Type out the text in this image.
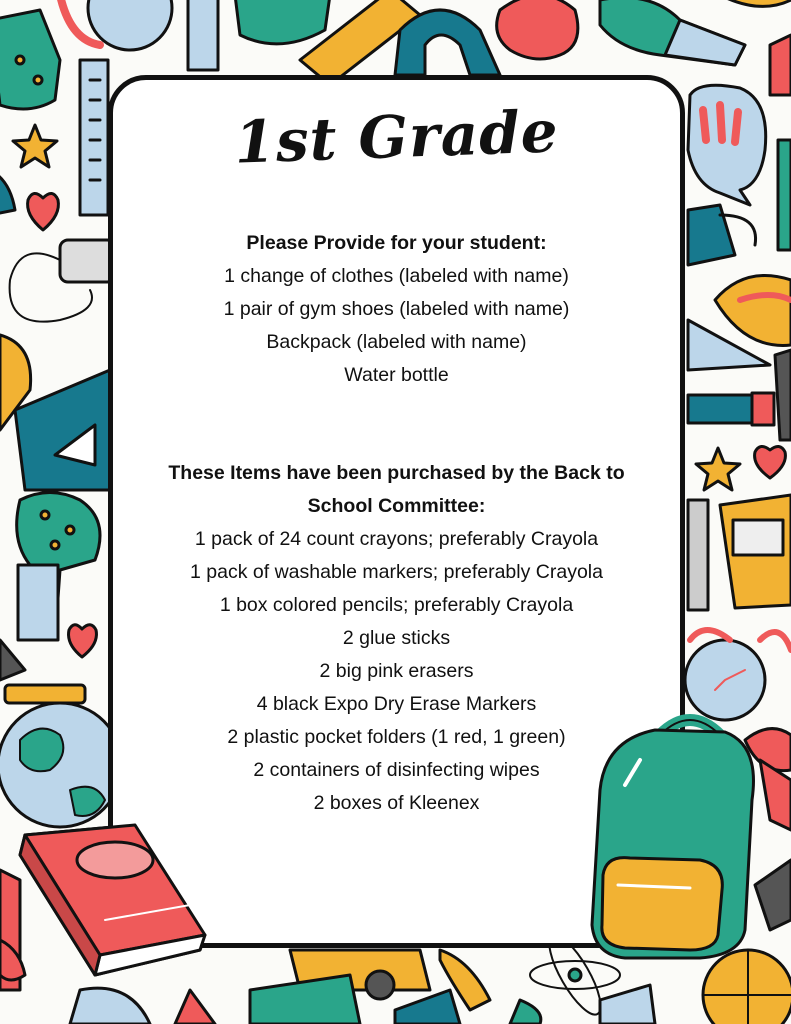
1st Grade
Please Provide for your student:
1 change of clothes (labeled with name)
1 pair of gym shoes (labeled with name)
Backpack (labeled with name)
Water bottle
These Items have been purchased by the Back to
School Committee:
1 pack of 24 count crayons; preferably Crayola
1 pack of washable markers; preferably Crayola
1 box colored pencils; preferably Crayola
2 glue sticks
2 big pink erasers
4 black Expo Dry Erase Markers
2 plastic pocket folders (1 red, 1 green)
2 containers of disinfecting wipes
2 boxes of Kleenex
